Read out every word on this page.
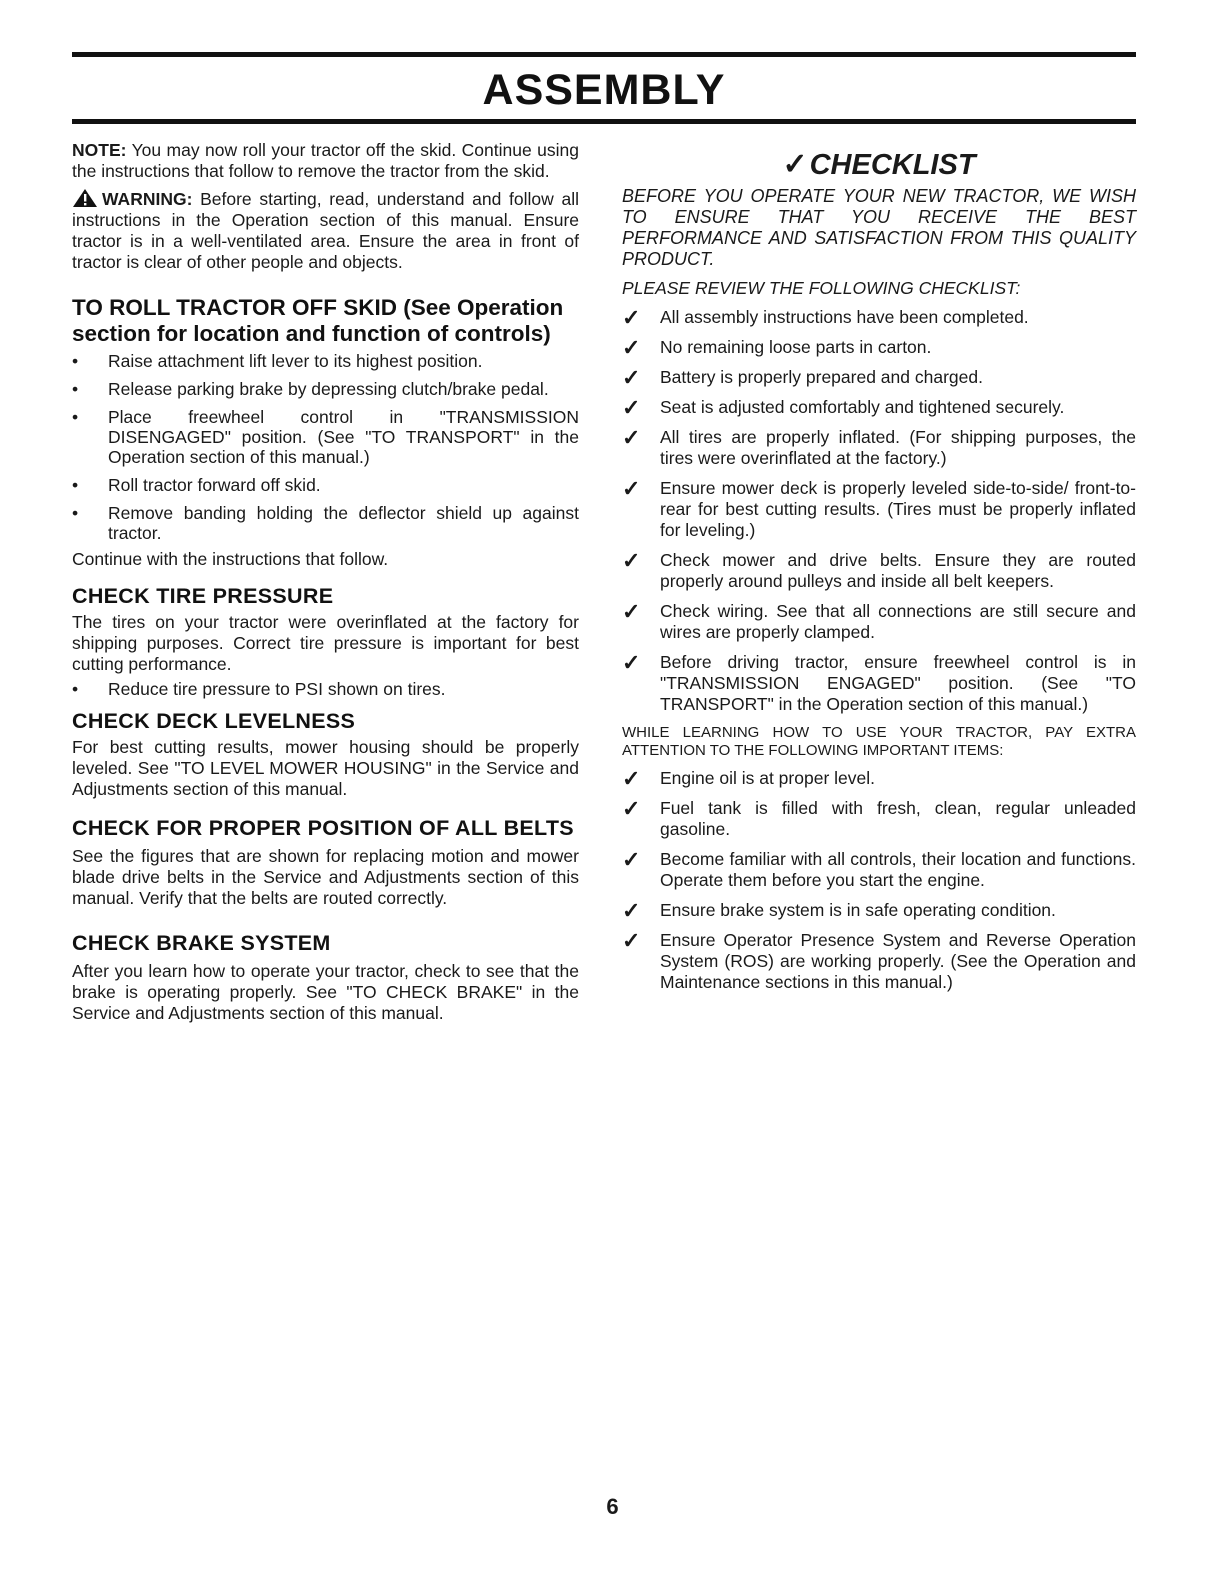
ASSEMBLY

NOTE: You may now roll your tractor off the skid. Continue using the instructions that follow to remove the tractor from the skid.

WARNING: Before starting, read, understand and follow all instructions in the Operation section of this manual. Ensure tractor is in a well-ventilated area. Ensure the area in front of tractor is clear of other people and objects.

TO ROLL TRACTOR OFF SKID (See Operation section for location and function of controls)
•	Raise attachment lift lever to its highest position.
•	Release parking brake by depressing clutch/brake pedal.
•	Place freewheel control in "TRANSMISSION DISENGAGED" position. (See "TO TRANSPORT" in the Operation section of this manual.)
•	Roll tractor forward off skid.
•	Remove banding holding the deflector shield up against tractor.

Continue with the instructions that follow.

CHECK TIRE PRESSURE

The tires on your tractor were overinflated at the factory for shipping purposes. Correct tire pressure is important for best cutting performance.

•	Reduce tire pressure to PSI shown on tires.
CHECK DECK LEVELNESS

For best cutting results, mower housing should be properly leveled. See "TO LEVEL MOWER HOUSING" in the Service and Adjustments section of this manual.

CHECK FOR PROPER POSITION OF ALL BELTS

See the figures that are shown for replacing motion and mower blade drive belts in the Service and Adjustments section of this manual. Verify that the belts are routed correctly.

CHECK BRAKE SYSTEM

After you learn how to operate your tractor, check to see that the brake is operating properly. See "TO CHECK BRAKE" in the Service and Adjustments section of this manual.

✓CHECKLIST

BEFORE YOU OPERATE YOUR NEW TRACTOR, WE WISH TO ENSURE THAT YOU RECEIVE THE BEST PERFORMANCE AND SATISFACTION FROM THIS QUALITY PRODUCT.

PLEASE REVIEW THE FOLLOWING CHECKLIST:

✓ All assembly instructions have been completed.
✓ No remaining loose parts in carton.
✓ Battery is properly prepared and charged.
✓ Seat is adjusted comfortably and tightened securely.
✓ All tires are properly inflated. (For shipping purposes, the tires were overinflated at the factory.)
✓ Ensure mower deck is properly leveled side-to-side/ front-to-rear for best cutting results. (Tires must be properly inflated for leveling.)
✓ Check mower and drive belts. Ensure they are routed properly around pulleys and inside all belt keepers.
✓ Check wiring. See that all connections are still secure and wires are properly clamped.
✓ Before driving tractor, ensure freewheel control is in "TRANSMISSION ENGAGED" position. (See "TO TRANSPORT" in the Operation section of this manual.)

WHILE LEARNING HOW TO USE YOUR TRACTOR, PAY EXTRA ATTENTION TO THE FOLLOWING IMPORTANT ITEMS:

✓ Engine oil is at proper level.
✓ Fuel tank is filled with fresh, clean, regular unleaded gasoline.
✓ Become familiar with all controls, their location and functions. Operate them before you start the engine.
✓ Ensure brake system is in safe operating condition.
✓ Ensure Operator Presence System and Reverse Operation System (ROS) are working properly. (See the Operation and Maintenance sections in this manual.)
6
